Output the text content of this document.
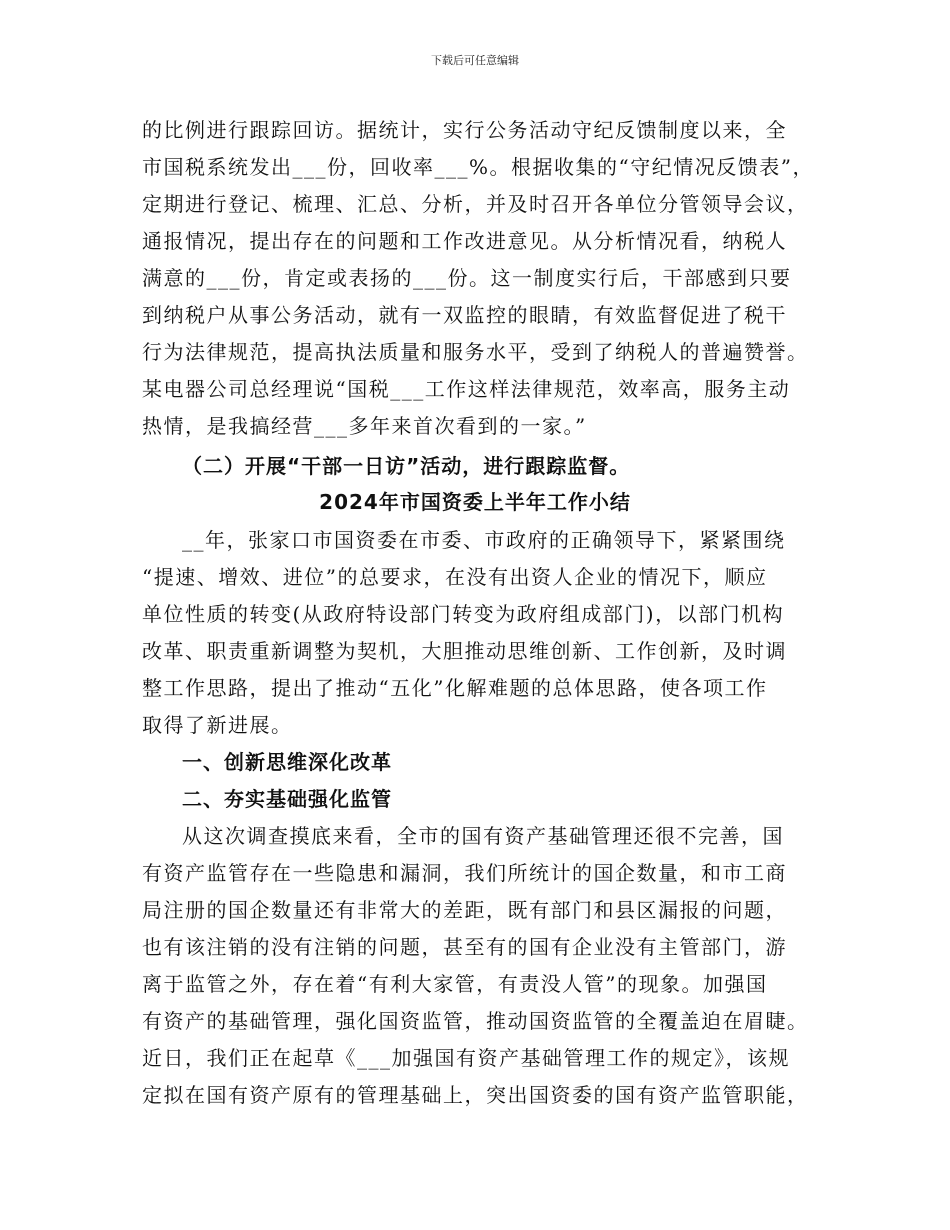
下载后可任意编辑
的比例进行跟踪回访。据统计，实行公务活动守纪反馈制度以来，全
市国税系统发出___份，回收率___%。根据收集的“守纪情况反馈表”，
定期进行登记、梳理、汇总、分析，并及时召开各单位分管领导会议，
通报情况，提出存在的问题和工作改进意见。从分析情况看，纳税人
满意的___份，肯定或表扬的___份。这一制度实行后，干部感到只要
到纳税户从事公务活动，就有一双监控的眼睛，有效监督促进了税干
行为法律规范，提高执法质量和服务水平，受到了纳税人的普遍赞誉。
某电器公司总经理说“国税___工作这样法律规范，效率高，服务主动
热情，是我搞经营___多年来首次看到的一家。”
（二）开展“干部一日访”活动，进行跟踪监督。
2024年市国资委上半年工作小结
__年，张家口市国资委在市委、市政府的正确领导下，紧紧围绕
“提速、增效、进位”的总要求，在没有出资人企业的情况下，顺应
单位性质的转变(从政府特设部门转变为政府组成部门)，以部门机构
改革、职责重新调整为契机，大胆推动思维创新、工作创新，及时调
整工作思路，提出了推动“五化”化解难题的总体思路，使各项工作
取得了新进展。
一、创新思维深化改革
二、夯实基础强化监管
从这次调查摸底来看，全市的国有资产基础管理还很不完善，国
有资产监管存在一些隐患和漏洞，我们所统计的国企数量，和市工商
局注册的国企数量还有非常大的差距，既有部门和县区漏报的问题，
也有该注销的没有注销的问题，甚至有的国有企业没有主管部门，游
离于监管之外，存在着“有利大家管，有责没人管”的现象。加强国
有资产的基础管理，强化国资监管，推动国资监管的全覆盖迫在眉睫。
近日，我们正在起草《___加强国有资产基础管理工作的规定》，该规
定拟在国有资产原有的管理基础上，突出国资委的国有资产监管职能，
